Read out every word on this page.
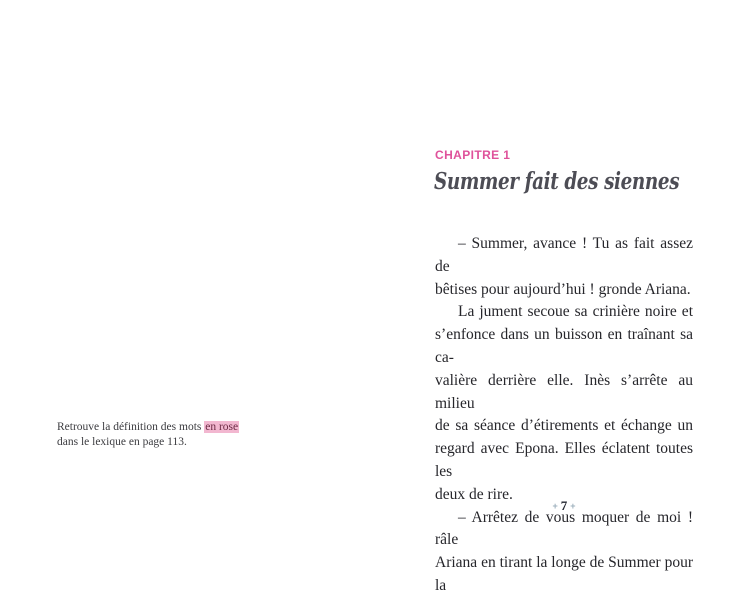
Retrouve la définition des mots en rose
dans le lexique en page 113.
CHAPITRE 1
Summer fait des siennes
– Summer, avance ! Tu as fait assez de
bêtises pour aujourd’hui ! gronde Ariana.
La jument secoue sa crinière noire et
s’enfonce dans un buisson en traînant sa ca-
valière derrière elle. Inès s’arrête au milieu
de sa séance d’étirements et échange un
regard avec Epona. Elles éclatent toutes les
deux de rire.
– Arrêtez de vous moquer de moi ! râle
Ariana en tirant la longe de Summer pour la
+ 7 +
